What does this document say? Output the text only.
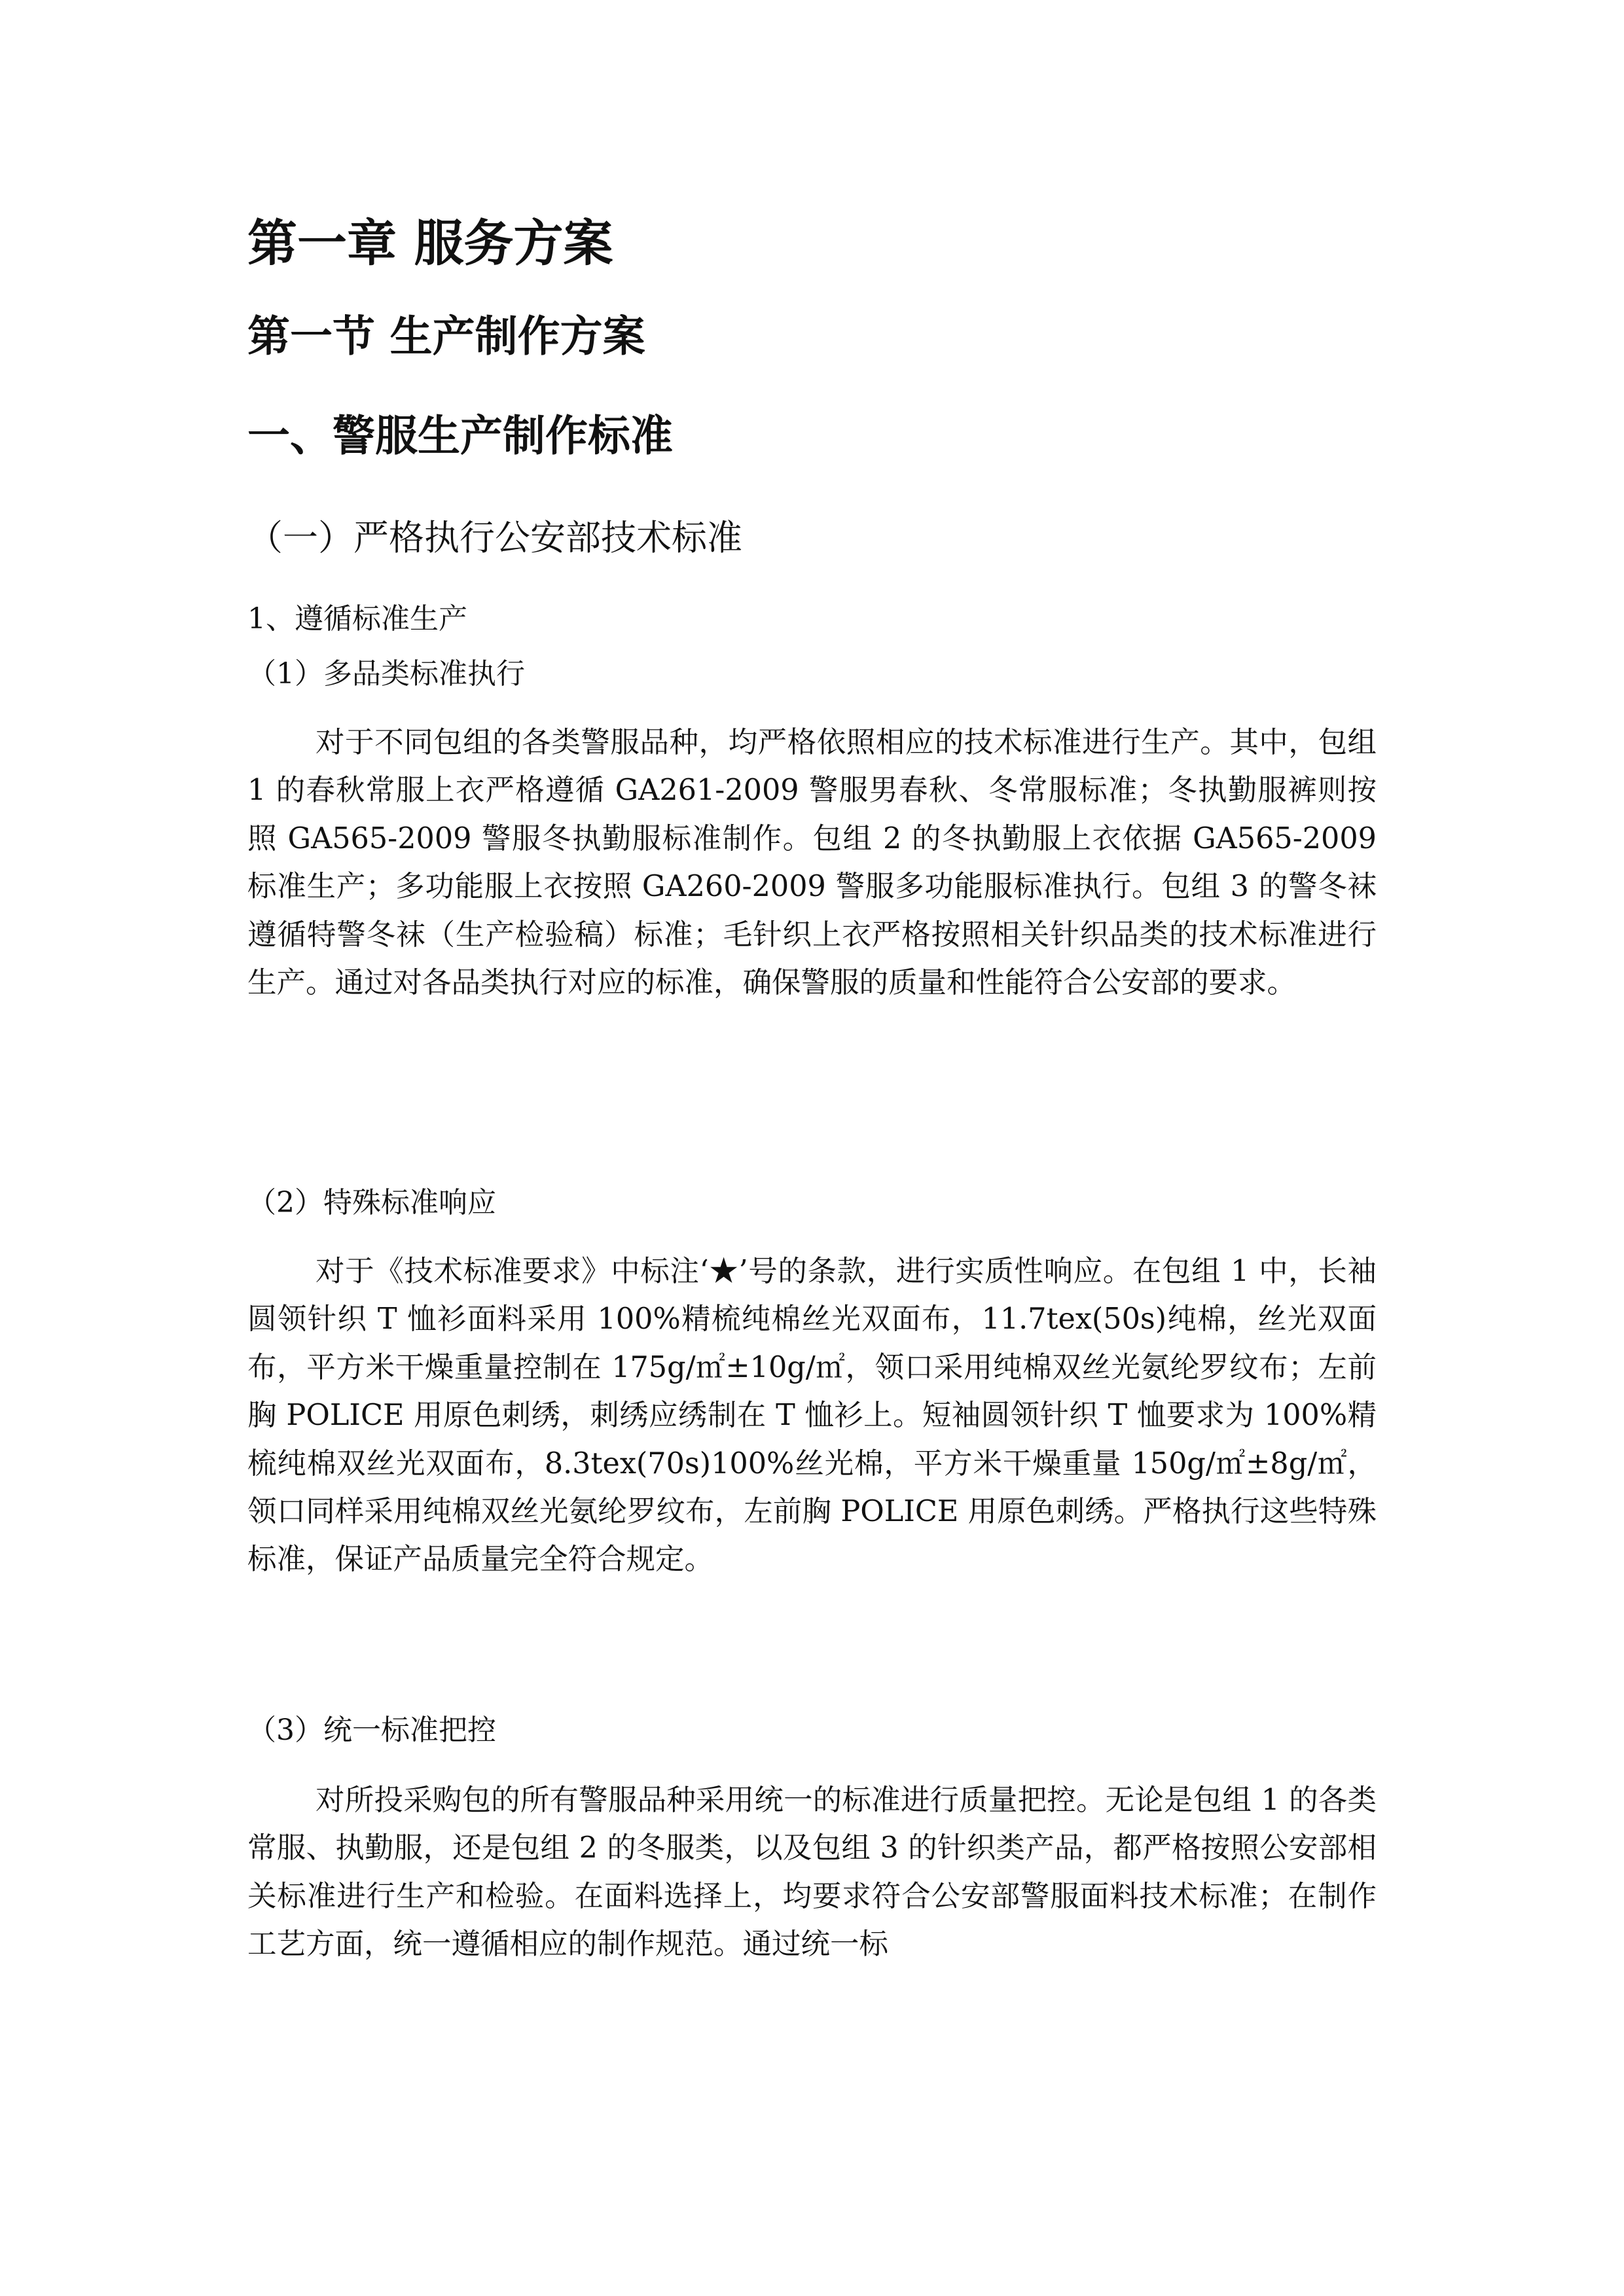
第一章 服务方案
第一节 生产制作方案
一、警服生产制作标准
（一）严格执行公安部技术标准

1、遵循标准生产

（1）多品类标准执行

对于不同包组的各类警服品种，均严格依照相应的技术标准进行生产。其中，包组 1 的春秋常服上衣严格遵循 GA261-2009 警服男春秋、冬常服标准；冬执勤服裤则按照 GA565-2009 警服冬执勤服标准制作。包组 2 的冬执勤服上衣依据 GA565-2009 标准生产；多功能服上衣按照 GA260-2009 警服多功能服标准执行。包组 3 的警冬袜遵循特警冬袜（生产检验稿）标准；毛针织上衣严格按照相关针织品类的技术标准进行生产。通过对各品类执行对应的标准，确保警服的质量和性能符合公安部的要求。

（2）特殊标准响应

对于《技术标准要求》中标注‘★’号的条款，进行实质性响应。在包组 1 中，长袖圆领针织 T 恤衫面料采用 100%精梳纯棉丝光双面布，11.7tex(50s)纯棉，丝光双面布，平方米干燥重量控制在 175g/㎡±10g/㎡，领口采用纯棉双丝光氨纶罗纹布；左前胸 POLICE 用原色刺绣，刺绣应绣制在 T 恤衫上。短袖圆领针织 T 恤要求为 100%精梳纯棉双丝光双面布，8.3tex(70s)100%丝光棉，平方米干燥重量 150g/㎡±8g/㎡，领口同样采用纯棉双丝光氨纶罗纹布，左前胸 POLICE 用原色刺绣。严格执行这些特殊标准，保证产品质量完全符合规定。

（3）统一标准把控

对所投采购包的所有警服品种采用统一的标准进行质量把控。无论是包组 1 的各类常服、执勤服，还是包组 2 的冬服类，以及包组 3 的针织类产品，都严格按照公安部相关标准进行生产和检验。在面料选择上，均要求符合公安部警服面料技术标准；在制作工艺方面，统一遵循相应的制作规范。通过统一标
